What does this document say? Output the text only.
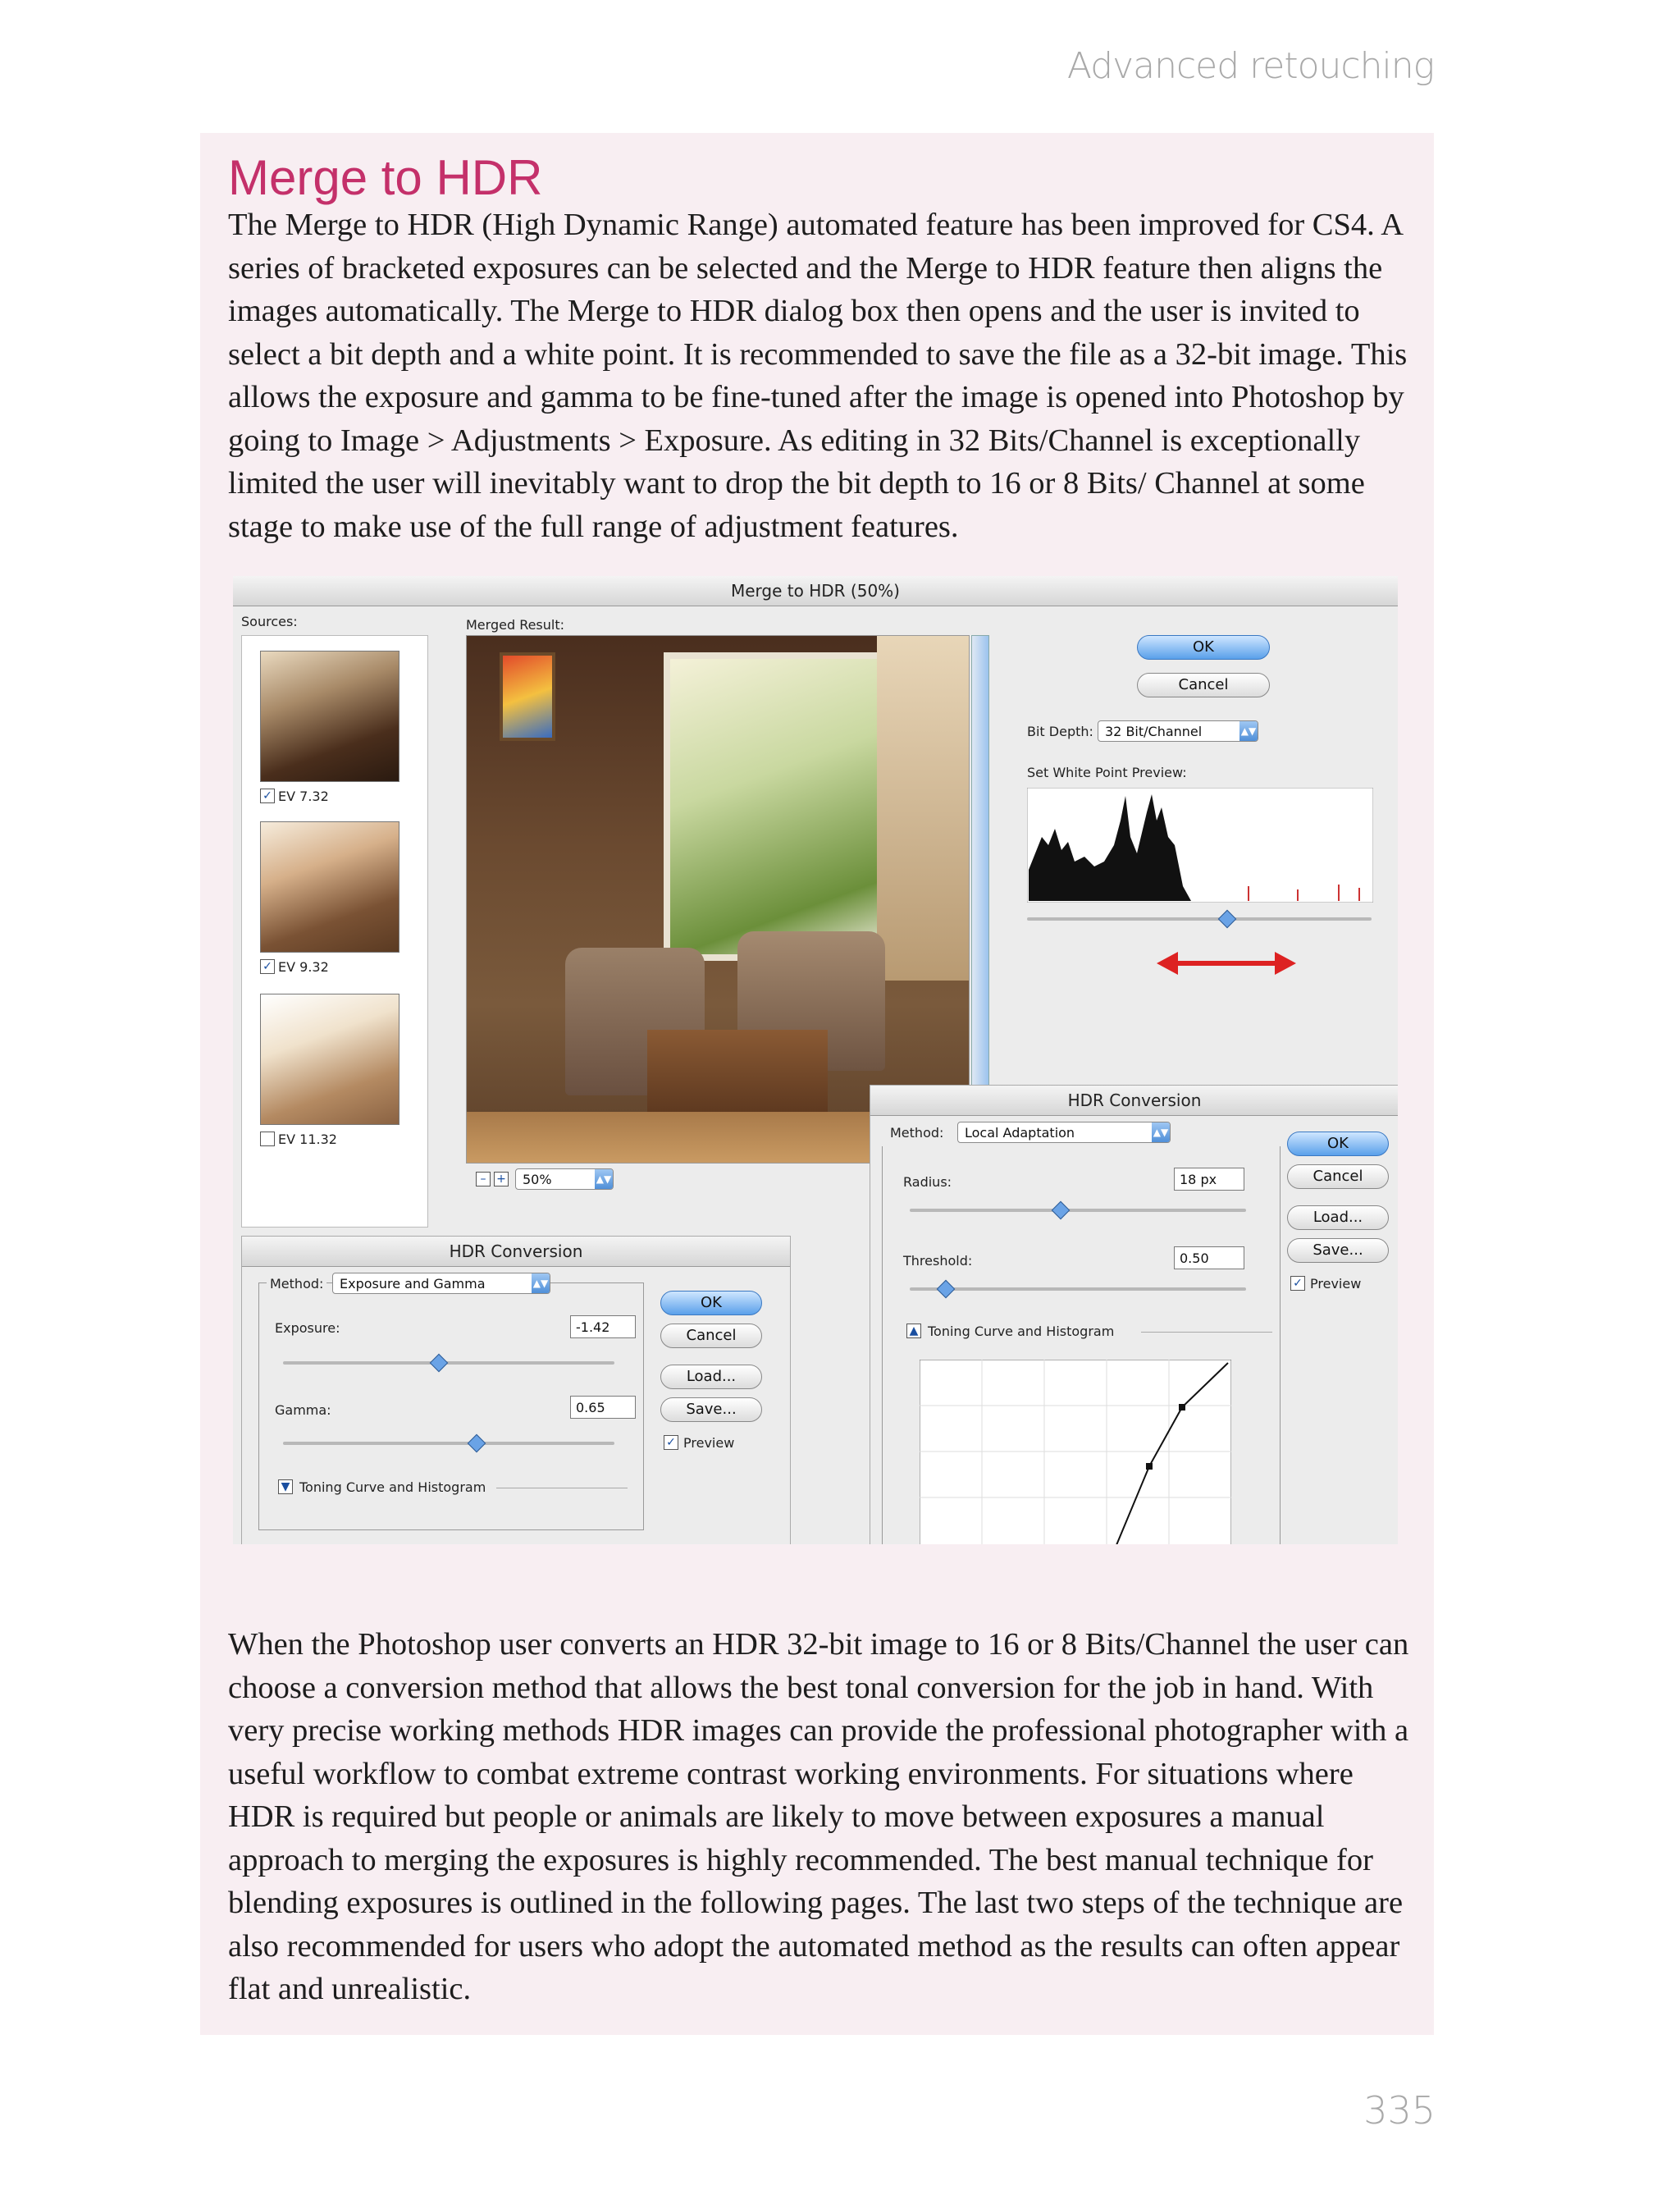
Advanced retouching
Merge to HDR
The Merge to HDR (High Dynamic Range) automated feature has been improved for CS4. A series of bracketed exposures can be selected and the Merge to HDR feature then aligns the images automatically. The Merge to HDR dialog box then opens and the user is invited to select a bit depth and a white point. It is recommended to save the file as a 32-bit image. This allows the exposure and gamma to be fine-tuned after the image is opened into Photoshop by going to Image > Adjustments > Exposure. As editing in 32 Bits/Channel is exceptionally limited the user will inevitably want to drop the bit depth to 16 or 8 Bits/ Channel at some stage to make use of the full range of adjustment features.
Merge to HDR (50%)
Sources:	Merged Result:
✓ EV 7.32
✓ EV 9.32
EV 11.32
– +	50%	▲▼
OK
Cancel
Bit Depth: 32 Bit/Channel	▲▼
Set White Point Preview:
HDR Conversion
Method:	Exposure and Gamma	▲▼
Exposure:	-1.42
Gamma:	0.65
▼ Toning Curve and Histogram
OK
Cancel
Load...
Save...
✓ Preview
HDR Conversion
Method:	Local Adaptation	▲▼
Radius:	18 px
Threshold:	0.50
▲ Toning Curve and Histogram
OK
Cancel
Load...
Save...
✓ Preview
When the Photoshop user converts an HDR 32-bit image to 16 or 8 Bits/Channel the user can choose a conversion method that allows the best tonal conversion for the job in hand. With very precise working methods HDR images can provide the professional photographer with a useful workflow to combat extreme contrast working environments. For situations where HDR is required but people or animals are likely to move between exposures a manual approach to merging the exposures is highly recommended. The best manual technique for blending exposures is outlined in the following pages. The last two steps of the technique are also recommended for users who adopt the automated method as the results can often appear flat and unrealistic.
335
